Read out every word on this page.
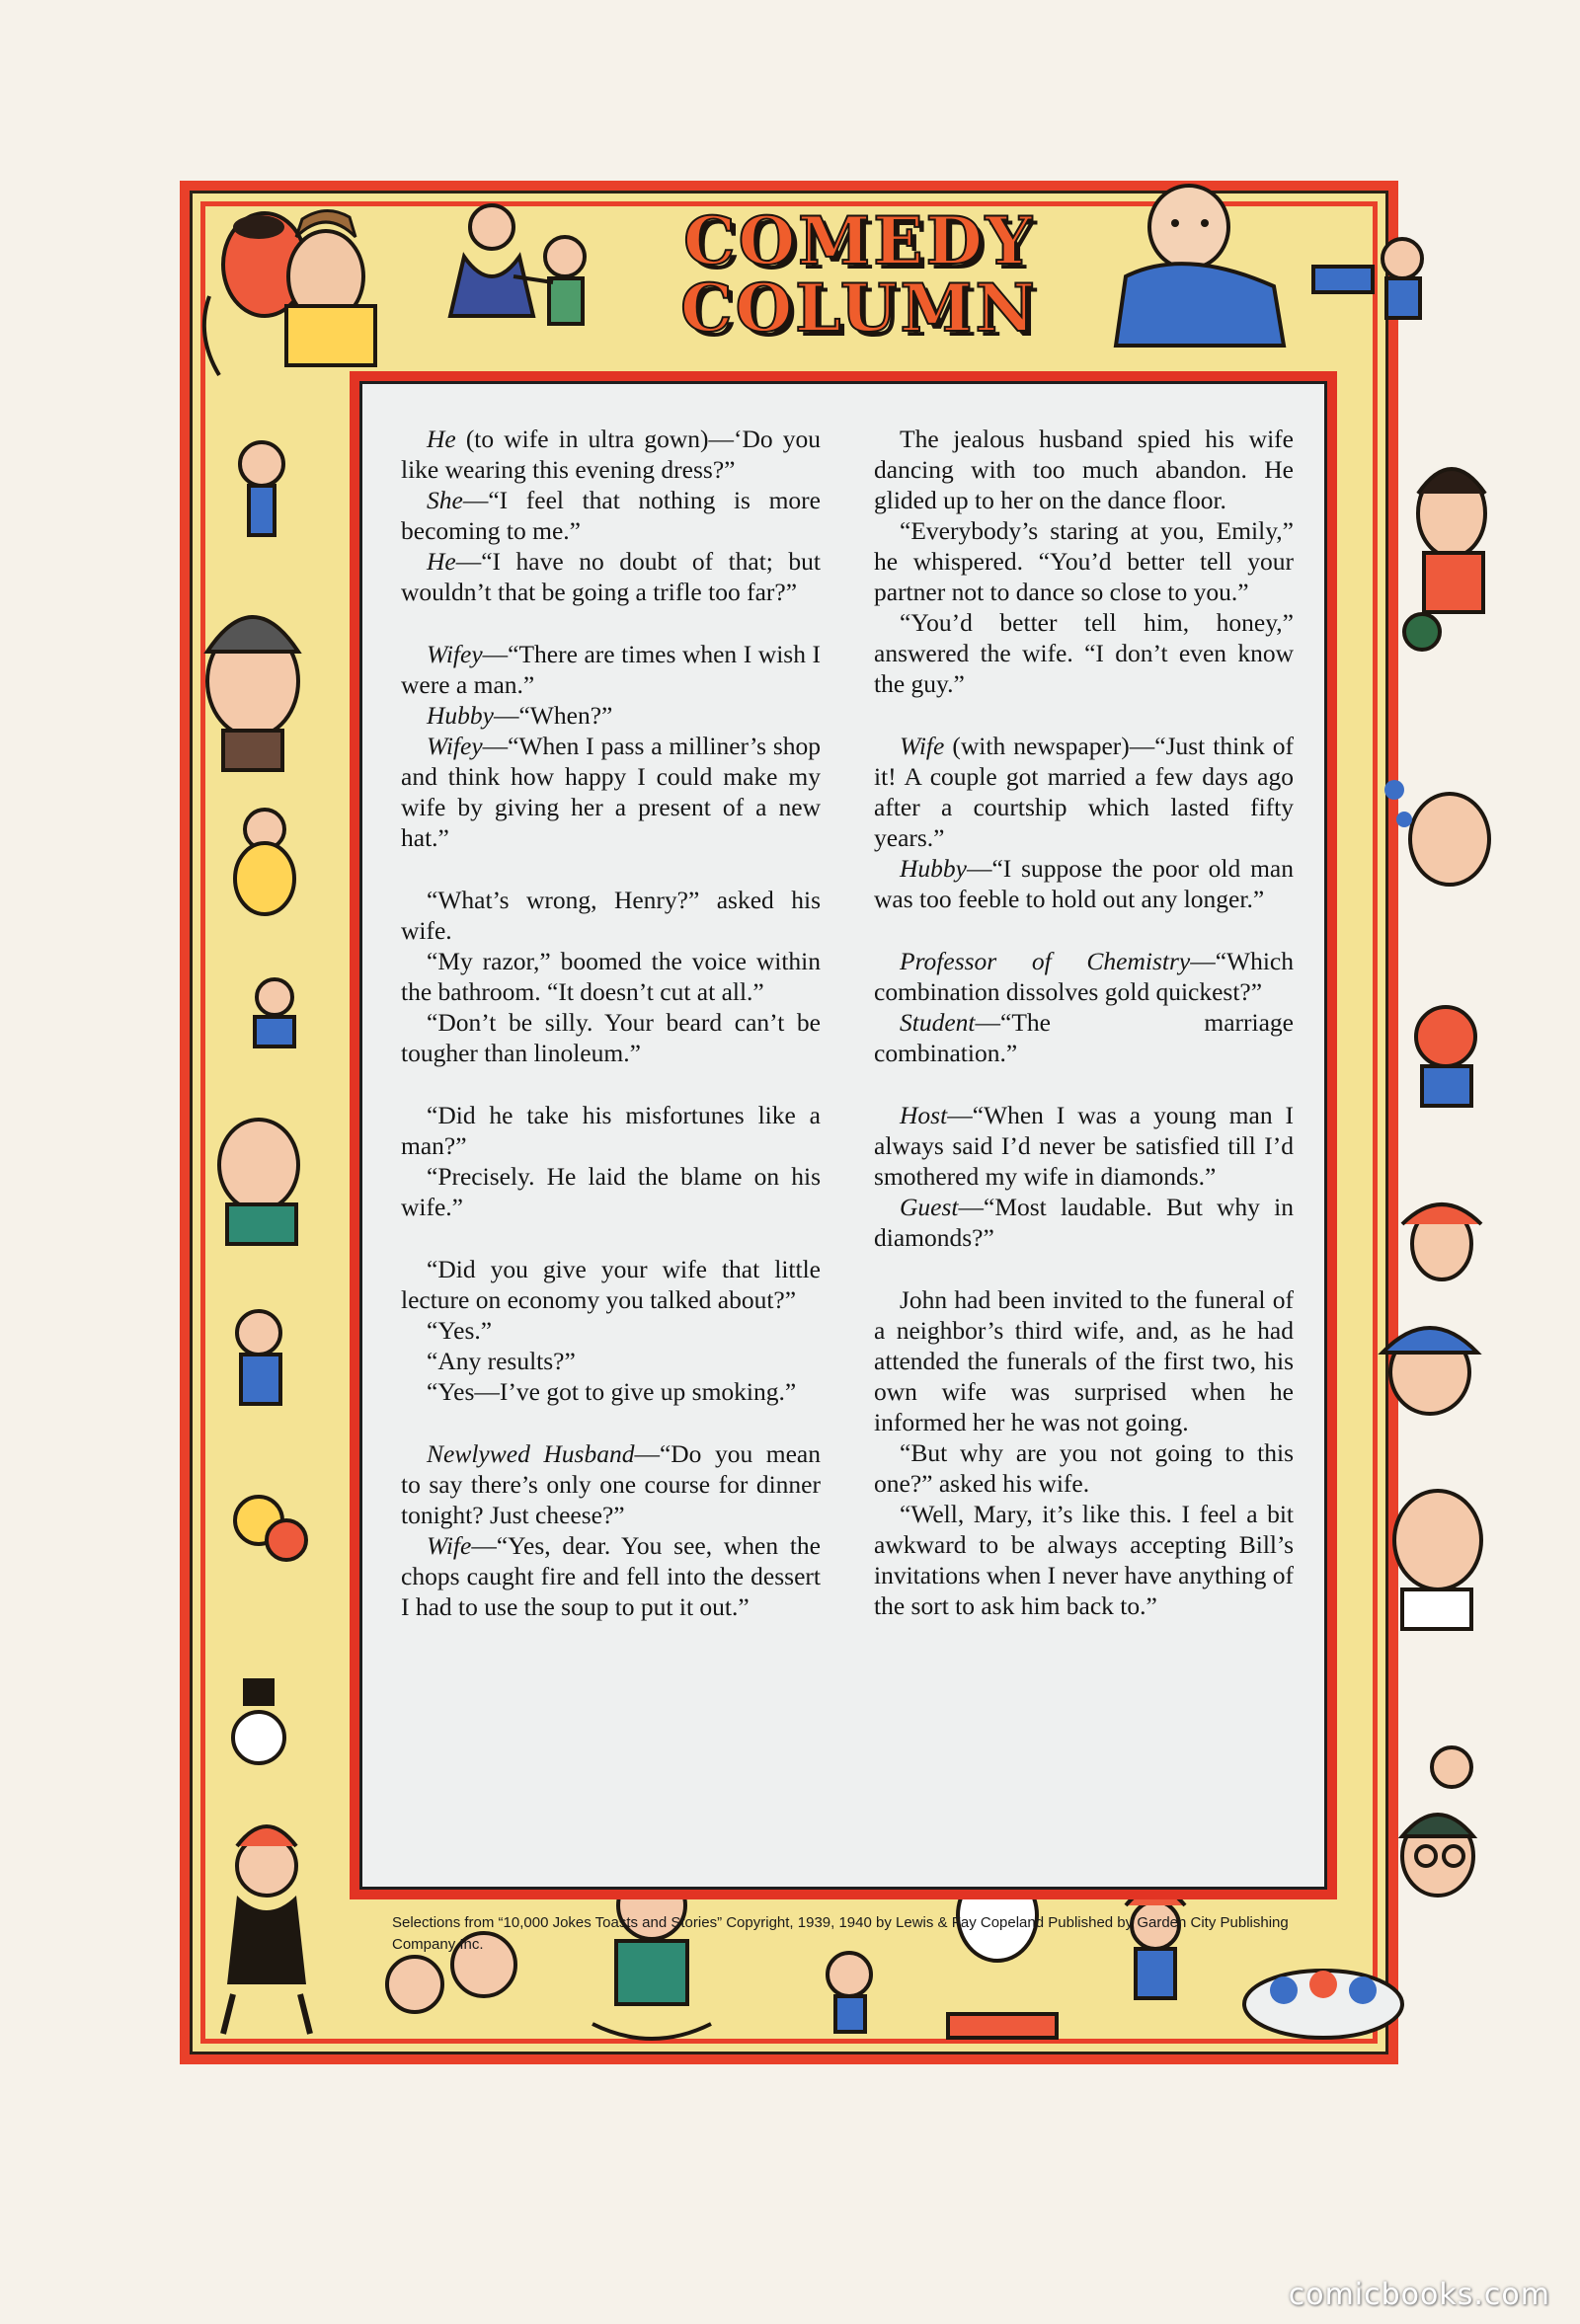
COMEDY
COLUMN

He (to wife in ultra gown)—‘Do you like wearing this evening dress?”

She—“I feel that nothing is more becoming to me.”

He—“I have no doubt of that; but wouldn’t that be going a trifle too far?”

Wifey—“There are times when I wish I were a man.”

Hubby—“When?”

Wifey—“When I pass a milliner’s shop and think how happy I could make my wife by giving her a present of a new hat.”

“What’s wrong, Henry?” asked his wife.

“My razor,” boomed the voice within the bathroom. “It doesn’t cut at all.”

“Don’t be silly. Your beard can’t be tougher than linoleum.”

“Did he take his misfortunes like a man?”

“Precisely. He laid the blame on his wife.”

“Did you give your wife that little lecture on economy you talked about?”

“Yes.”

“Any results?”

“Yes—I’ve got to give up smoking.”

Newlywed Husband—“Do you mean to say there’s only one course for dinner tonight? Just cheese?”

Wife—“Yes, dear. You see, when the chops caught fire and fell into the dessert I had to use the soup to put it out.”

The jealous husband spied his wife dancing with too much abandon. He glided up to her on the dance floor.

“Everybody’s staring at you, Emily,” he whispered. “You’d better tell your partner not to dance so close to you.”

“You’d better tell him, honey,” answered the wife. “I don’t even know the guy.”

Wife (with newspaper)—“Just think of it! A couple got married a few days ago after a courtship which lasted fifty years.”

Hubby—“I suppose the poor old man was too feeble to hold out any longer.”

Professor of Chemistry—“Which combination dissolves gold quickest?”

Student—“The marriage combination.”

Host—“When I was a young man I always said I’d never be satisfied till I’d smothered my wife in diamonds.”

Guest—“Most laudable. But why in diamonds?”

John had been invited to the funeral of a neighbor’s third wife, and, as he had attended the funerals of the first two, his own wife was surprised when he informed her he was not going.

“But why are you not going to this one?” asked his wife.

“Well, Mary, it’s like this. I feel a bit awkward to be always accepting Bill’s invitations when I never have anything of the sort to ask him back to.”

Selections from “10,000 Jokes Toasts and Stories” Copyright, 1939, 1940 by Lewis & Fay Copeland Published by Garden City Publishing Company Inc.
comicbooks.com
